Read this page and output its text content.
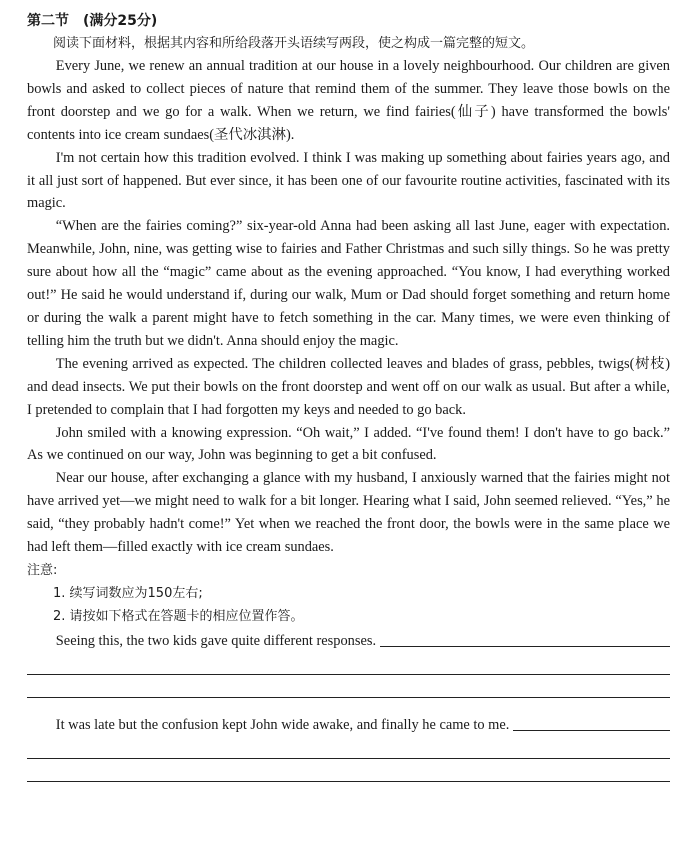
第二节 (满分25分)

阅读下面材料，根据其内容和所给段落开头语续写两段，使之构成一篇完整的短文。

Every June, we renew an annual tradition at our house in a lovely neighbourhood. Our children are given bowls and asked to collect pieces of nature that remind them of the summer. They leave those bowls on the front doorstep and we go for a walk. When we return, we find fairies(仙子) have transformed the bowls' contents into ice cream sundaes(圣代冰淇淋).

I'm not certain how this tradition evolved. I think I was making up something about fairies years ago, and it all just sort of happened. But ever since, it has been one of our favourite routine activities, fascinated with its magic.

“When are the fairies coming?” six-year-old Anna had been asking all last June, eager with expectation. Meanwhile, John, nine, was getting wise to fairies and Father Christmas and such silly things. So he was pretty sure about how all the “magic” came about as the evening approached. “You know, I had everything worked out!” He said he would understand if, during our walk, Mum or Dad should forget something and return home or during the walk a parent might have to fetch something in the car. Many times, we were even thinking of telling him the truth but we didn't. Anna should enjoy the magic.

The evening arrived as expected. The children collected leaves and blades of grass, pebbles, twigs(树枝) and dead insects. We put their bowls on the front doorstep and went off on our walk as usual. But after a while, I pretended to complain that I had forgotten my keys and needed to go back.

John smiled with a knowing expression. “Oh wait,” I added. “I've found them! I don't have to go back.” As we continued on our way, John was beginning to get a bit confused.

Near our house, after exchanging a glance with my husband, I anxiously warned that the fairies might not have arrived yet—we might need to walk for a bit longer. Hearing what I said, John seemed relieved. “Yes,” he said, “they probably hadn't come!” Yet when we reached the front door, the bowls were in the same place we had left them—filled exactly with ice cream sundaes.

注意:

1. 续写词数应为150左右;

2. 请按如下格式在答题卡的相应位置作答。

Seeing this, the two kids gave quite different responses.
It was late but the confusion kept John wide awake, and finally he came to me.
